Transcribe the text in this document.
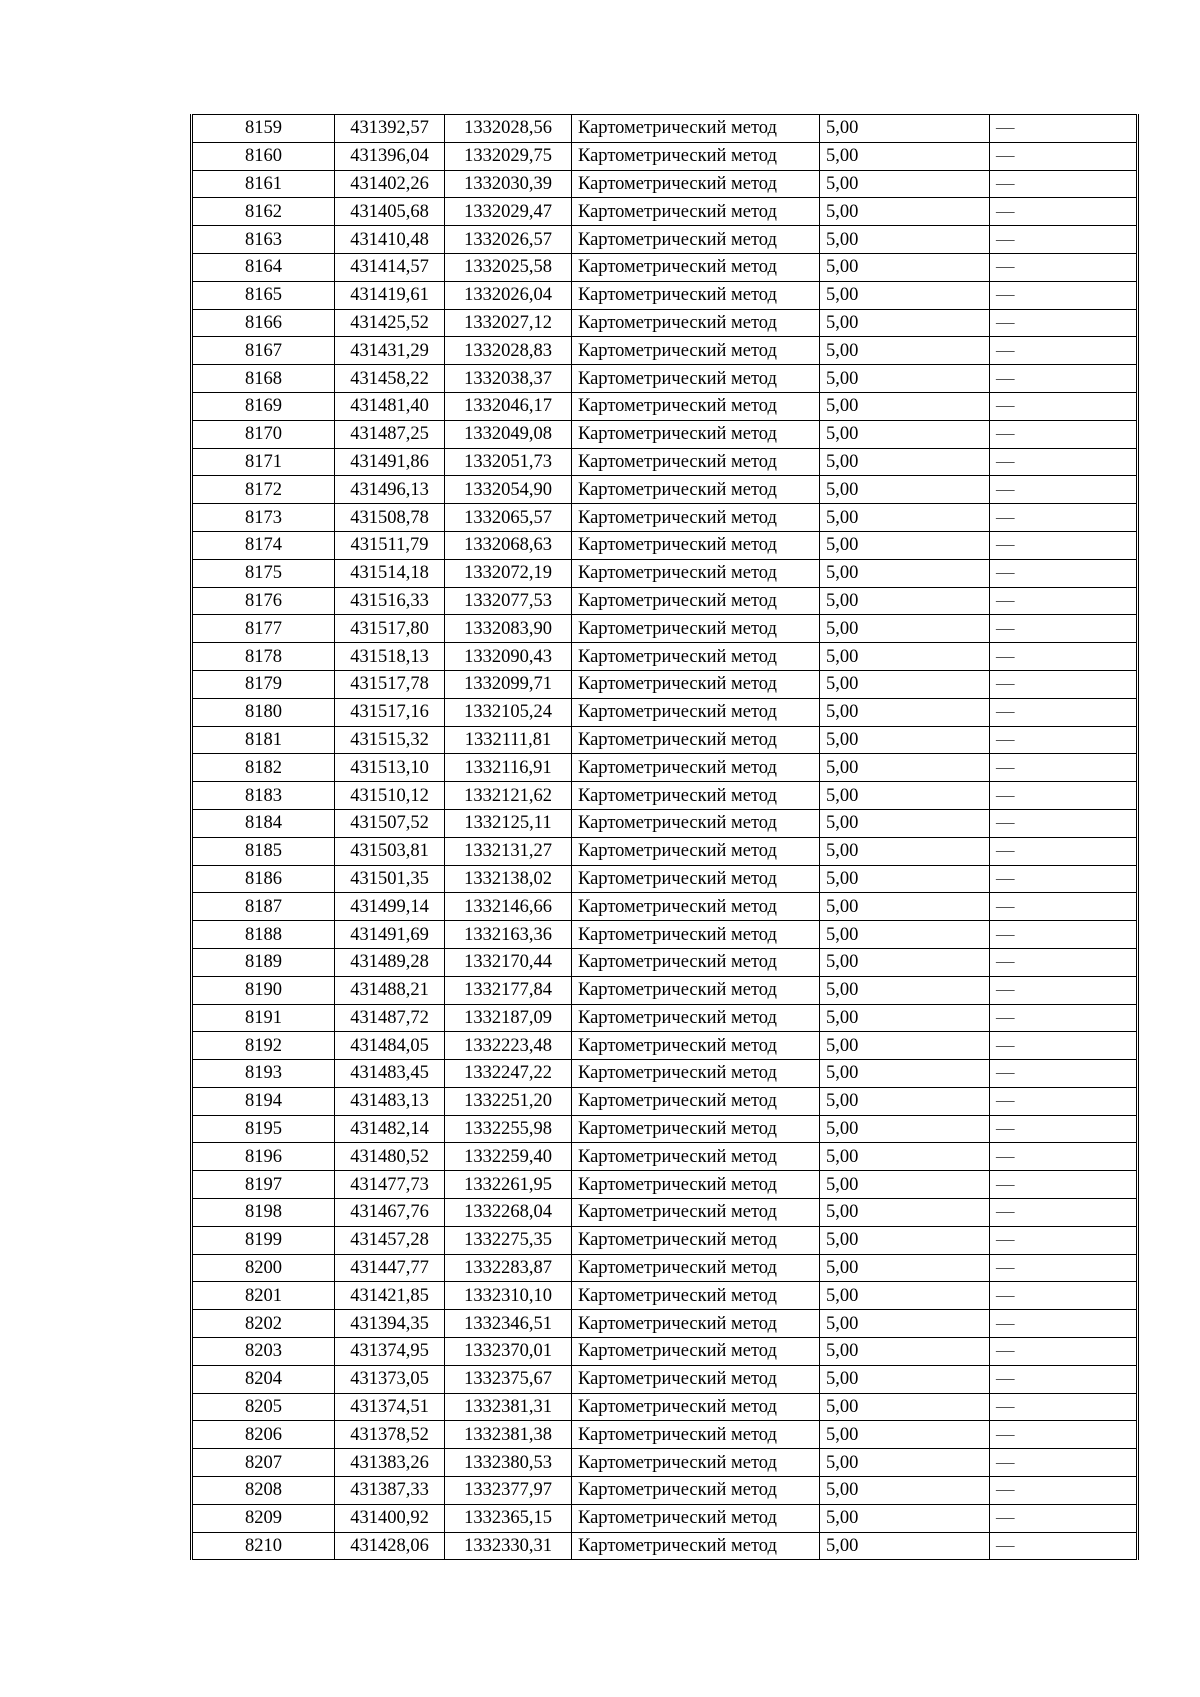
8159	431392,57	1332028,56	Картометрический метод	5,00	—
8160	431396,04	1332029,75	Картометрический метод	5,00	—
8161	431402,26	1332030,39	Картометрический метод	5,00	—
8162	431405,68	1332029,47	Картометрический метод	5,00	—
8163	431410,48	1332026,57	Картометрический метод	5,00	—
8164	431414,57	1332025,58	Картометрический метод	5,00	—
8165	431419,61	1332026,04	Картометрический метод	5,00	—
8166	431425,52	1332027,12	Картометрический метод	5,00	—
8167	431431,29	1332028,83	Картометрический метод	5,00	—
8168	431458,22	1332038,37	Картометрический метод	5,00	—
8169	431481,40	1332046,17	Картометрический метод	5,00	—
8170	431487,25	1332049,08	Картометрический метод	5,00	—
8171	431491,86	1332051,73	Картометрический метод	5,00	—
8172	431496,13	1332054,90	Картометрический метод	5,00	—
8173	431508,78	1332065,57	Картометрический метод	5,00	—
8174	431511,79	1332068,63	Картометрический метод	5,00	—
8175	431514,18	1332072,19	Картометрический метод	5,00	—
8176	431516,33	1332077,53	Картометрический метод	5,00	—
8177	431517,80	1332083,90	Картометрический метод	5,00	—
8178	431518,13	1332090,43	Картометрический метод	5,00	—
8179	431517,78	1332099,71	Картометрический метод	5,00	—
8180	431517,16	1332105,24	Картометрический метод	5,00	—
8181	431515,32	1332111,81	Картометрический метод	5,00	—
8182	431513,10	1332116,91	Картометрический метод	5,00	—
8183	431510,12	1332121,62	Картометрический метод	5,00	—
8184	431507,52	1332125,11	Картометрический метод	5,00	—
8185	431503,81	1332131,27	Картометрический метод	5,00	—
8186	431501,35	1332138,02	Картометрический метод	5,00	—
8187	431499,14	1332146,66	Картометрический метод	5,00	—
8188	431491,69	1332163,36	Картометрический метод	5,00	—
8189	431489,28	1332170,44	Картометрический метод	5,00	—
8190	431488,21	1332177,84	Картометрический метод	5,00	—
8191	431487,72	1332187,09	Картометрический метод	5,00	—
8192	431484,05	1332223,48	Картометрический метод	5,00	—
8193	431483,45	1332247,22	Картометрический метод	5,00	—
8194	431483,13	1332251,20	Картометрический метод	5,00	—
8195	431482,14	1332255,98	Картометрический метод	5,00	—
8196	431480,52	1332259,40	Картометрический метод	5,00	—
8197	431477,73	1332261,95	Картометрический метод	5,00	—
8198	431467,76	1332268,04	Картометрический метод	5,00	—
8199	431457,28	1332275,35	Картометрический метод	5,00	—
8200	431447,77	1332283,87	Картометрический метод	5,00	—
8201	431421,85	1332310,10	Картометрический метод	5,00	—
8202	431394,35	1332346,51	Картометрический метод	5,00	—
8203	431374,95	1332370,01	Картометрический метод	5,00	—
8204	431373,05	1332375,67	Картометрический метод	5,00	—
8205	431374,51	1332381,31	Картометрический метод	5,00	—
8206	431378,52	1332381,38	Картометрический метод	5,00	—
8207	431383,26	1332380,53	Картометрический метод	5,00	—
8208	431387,33	1332377,97	Картометрический метод	5,00	—
8209	431400,92	1332365,15	Картометрический метод	5,00	—
8210	431428,06	1332330,31	Картометрический метод	5,00	—
